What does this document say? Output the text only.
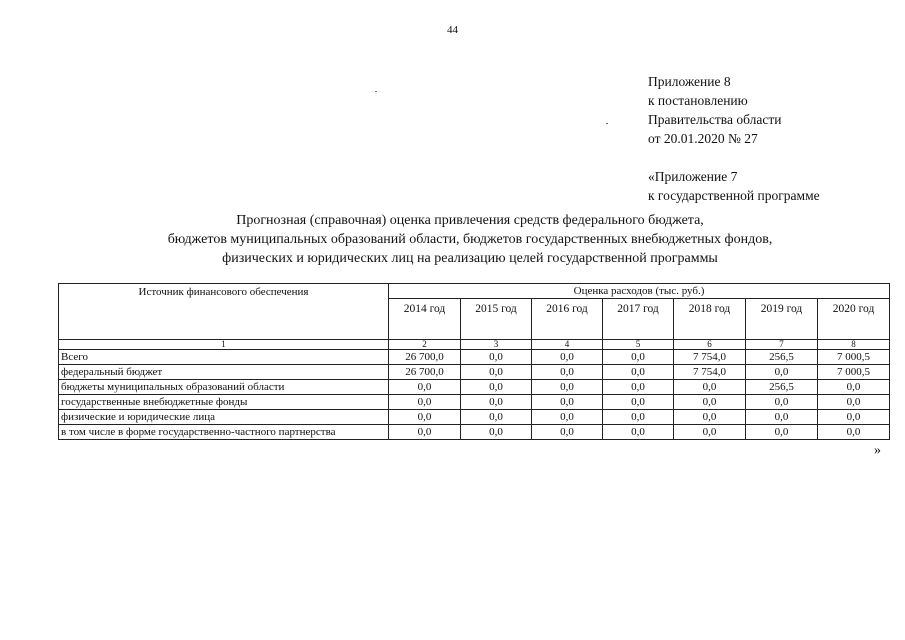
44
Приложение 8
к постановлению
Правительства области
от 20.01.2020 № 27
«Приложение 7
к государственной программе
Прогнозная (справочная) оценка привлечения средств федерального бюджета,
бюджетов муниципальных образований области, бюджетов государственных внебюджетных фондов,
физических и юридических лиц на реализацию целей государственной программы
Источник финансового обеспечения	Оценка расходов (тыс. руб.)						
	2014 год	2015 год	2016 год	2017 год	2018 год	2019 год	2020 год
1	2	3	4	5	6	7	8
Всего	26 700,0	0,0	0,0	0,0	7 754,0	256,5	7 000,5
федеральный бюджет	26 700,0	0,0	0,0	0,0	7 754,0	0,0	7 000,5
бюджеты муниципальных образований области	0,0	0,0	0,0	0,0	0,0	256,5	0,0
государственные внебюджетные фонды	0,0	0,0	0,0	0,0	0,0	0,0	0,0
физические и юридические лица	0,0	0,0	0,0	0,0	0,0	0,0	0,0
в том числе в форме государственно-частного партнерства	0,0	0,0	0,0	0,0	0,0	0,0	0,0
»
